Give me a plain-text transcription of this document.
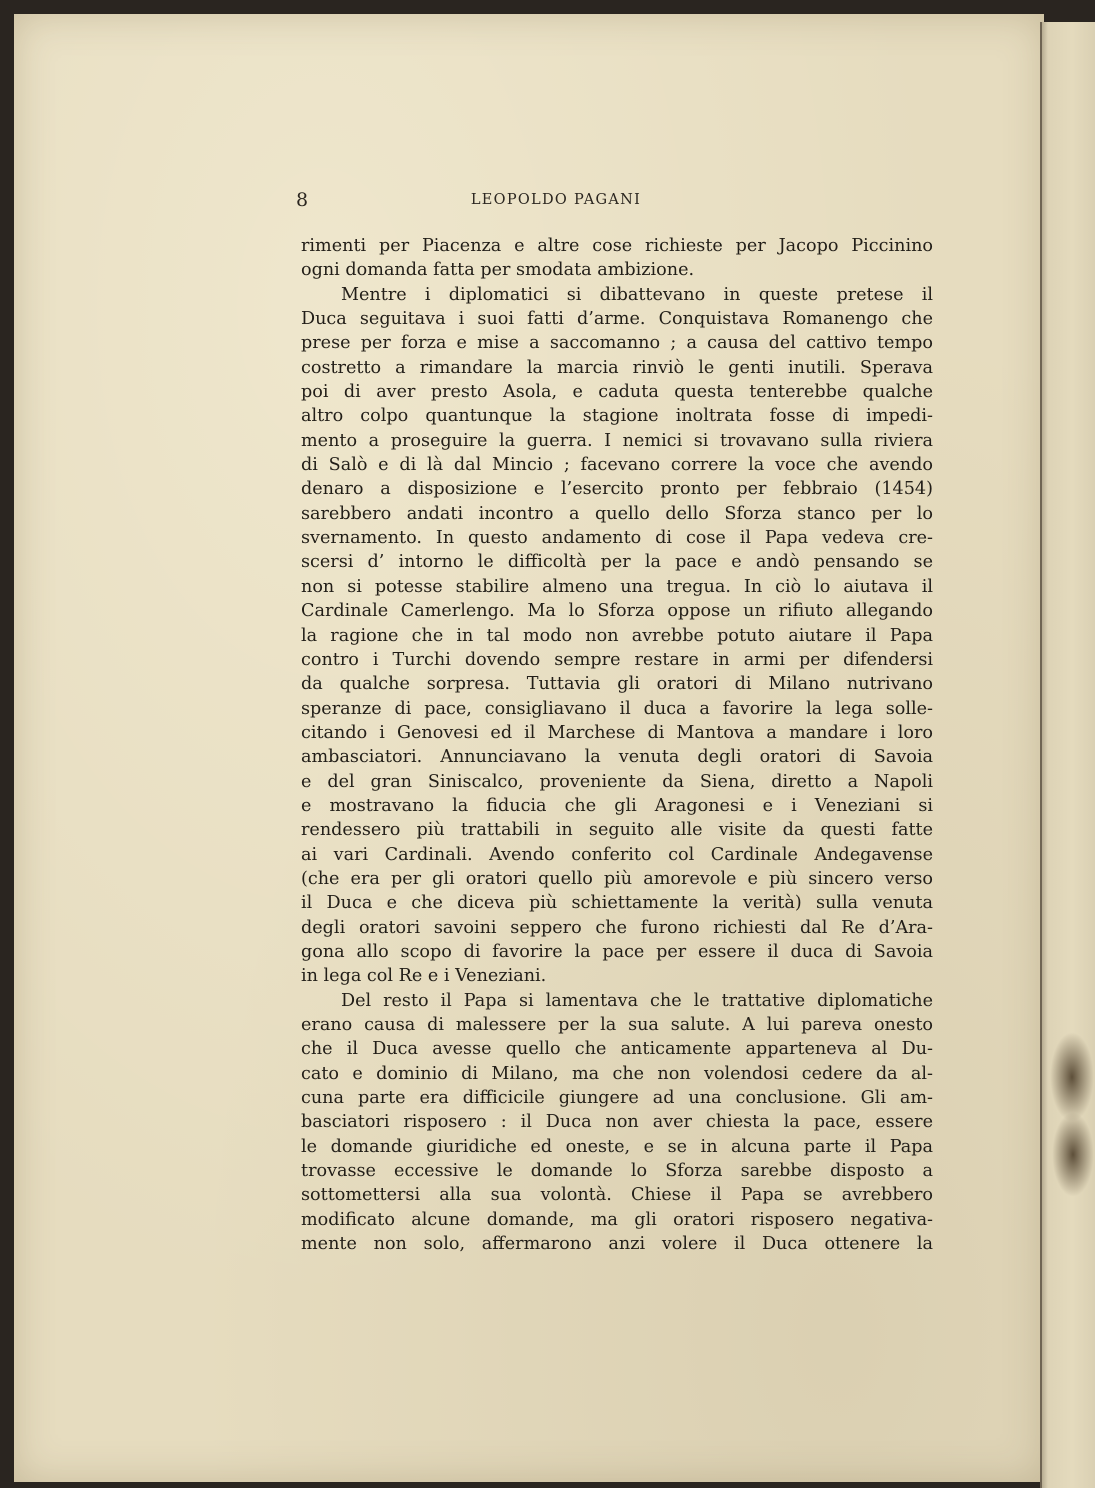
8	LEOPOLDO PAGANI
rimenti per Piacenza e altre cose richieste per Jacopo Piccinino
ogni domanda fatta per smodata ambizione.
Mentre i diplomatici si dibattevano in queste pretese il
Duca seguitava i suoi fatti d’arme. Conquistava Romanengo che
prese per forza e mise a saccomanno ; a causa del cattivo tempo
costretto a rimandare la marcia rinviò le genti inutili. Sperava
poi di aver presto Asola, e caduta questa tenterebbe qualche
altro colpo quantunque la stagione inoltrata fosse di impedi-
mento a proseguire la guerra. I nemici si trovavano sulla riviera
di Salò e di là dal Mincio ; facevano correre la voce che avendo
denaro a disposizione e l’esercito pronto per febbraio (1454)
sarebbero andati incontro a quello dello Sforza stanco per lo
svernamento. In questo andamento di cose il Papa vedeva cre-
scersi d’ intorno le difficoltà per la pace e andò pensando se
non si potesse stabilire almeno una tregua. In ciò lo aiutava il
Cardinale Camerlengo. Ma lo Sforza oppose un rifiuto allegando
la ragione che in tal modo non avrebbe potuto aiutare il Papa
contro i Turchi dovendo sempre restare in armi per difendersi
da qualche sorpresa. Tuttavia gli oratori di Milano nutrivano
speranze di pace, consigliavano il duca a favorire la lega solle-
citando i Genovesi ed il Marchese di Mantova a mandare i loro
ambasciatori. Annunciavano la venuta degli oratori di Savoia
e del gran Siniscalco, proveniente da Siena, diretto a Napoli
e mostravano la fiducia che gli Aragonesi e i Veneziani si
rendessero più trattabili in seguito alle visite da questi fatte
ai vari Cardinali. Avendo conferito col Cardinale Andegavense
(che era per gli oratori quello più amorevole e più sincero verso
il Duca e che diceva più schiettamente la verità) sulla venuta
degli oratori savoini seppero che furono richiesti dal Re d’Ara-
gona allo scopo di favorire la pace per essere il duca di Savoia
in lega col Re e i Veneziani.
Del resto il Papa si lamentava che le trattative diplomatiche
erano causa di malessere per la sua salute. A lui pareva onesto
che il Duca avesse quello che anticamente apparteneva al Du-
cato e dominio di Milano, ma che non volendosi cedere da al-
cuna parte era difficicile giungere ad una conclusione. Gli am-
basciatori risposero : il Duca non aver chiesta la pace, essere
le domande giuridiche ed oneste, e se in alcuna parte il Papa
trovasse eccessive le domande lo Sforza sarebbe disposto a
sottomettersi alla sua volontà. Chiese il Papa se avrebbero
modificato alcune domande, ma gli oratori risposero negativa-
mente non solo, affermarono anzi volere il Duca ottenere la
